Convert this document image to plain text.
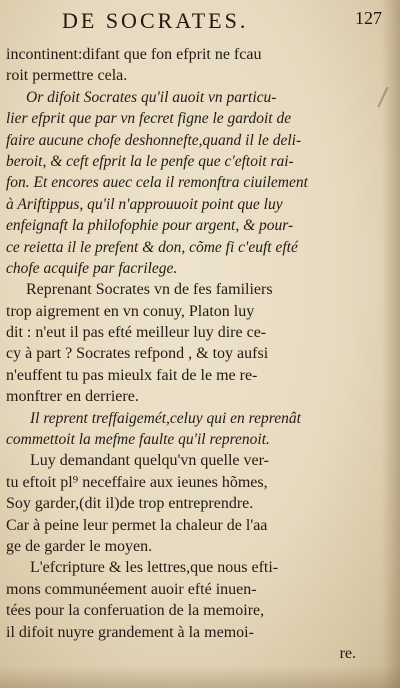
DE SOCRATES.	127
incontinent:difant que fon efprit ne fcau
roit permettre cela.
Or difoit Socrates qu'il auoit vn particu-
lier efprit que par vn fecret figne le gardoit de
faire aucune chofe deshonnefte,quand il le deli-
beroit, & ceft efprit la le penfe que c'eftoit rai-
fon. Et encores auec cela il remonftra ciuilement
à Ariftippus, qu'il n'approuuoit point que luy
enfeignaft la philofophie pour argent, & pour-
ce reiettа il le prefent & don, cõme fi c'euft efté
chofe acquife par facrilege.
Reprenant Socrates vn de fes familiers
trop aigrement en vn conuy, Platon luy
dit : n'eut il pas efté meilleur luy dire ce-
cy à part ? Socrates refpond , & toy aufsi
n'euffent tu pas mieulx fait de le me re-
monftrer en derriere.
Il reprent treffaigemét,celuy qui en reprenât
commettoit la mefme faulte qu'il reprenoit.
Luy demandant quelqu'vn quelle ver-
tu eftoit pl⁹ neceffaire aux ieunes hõmes,
Soy garder,(dit il)de trop entreprendre.
Car à peine leur permet la chaleur de l'aa
ge de garder le moyen.
L'efcripture & les lettres,que nous efti-
mons communéement auoir efté inuen-
tées pour la conferuation de la memoire,
il difoit nuyre grandement à la memoi-
re.
